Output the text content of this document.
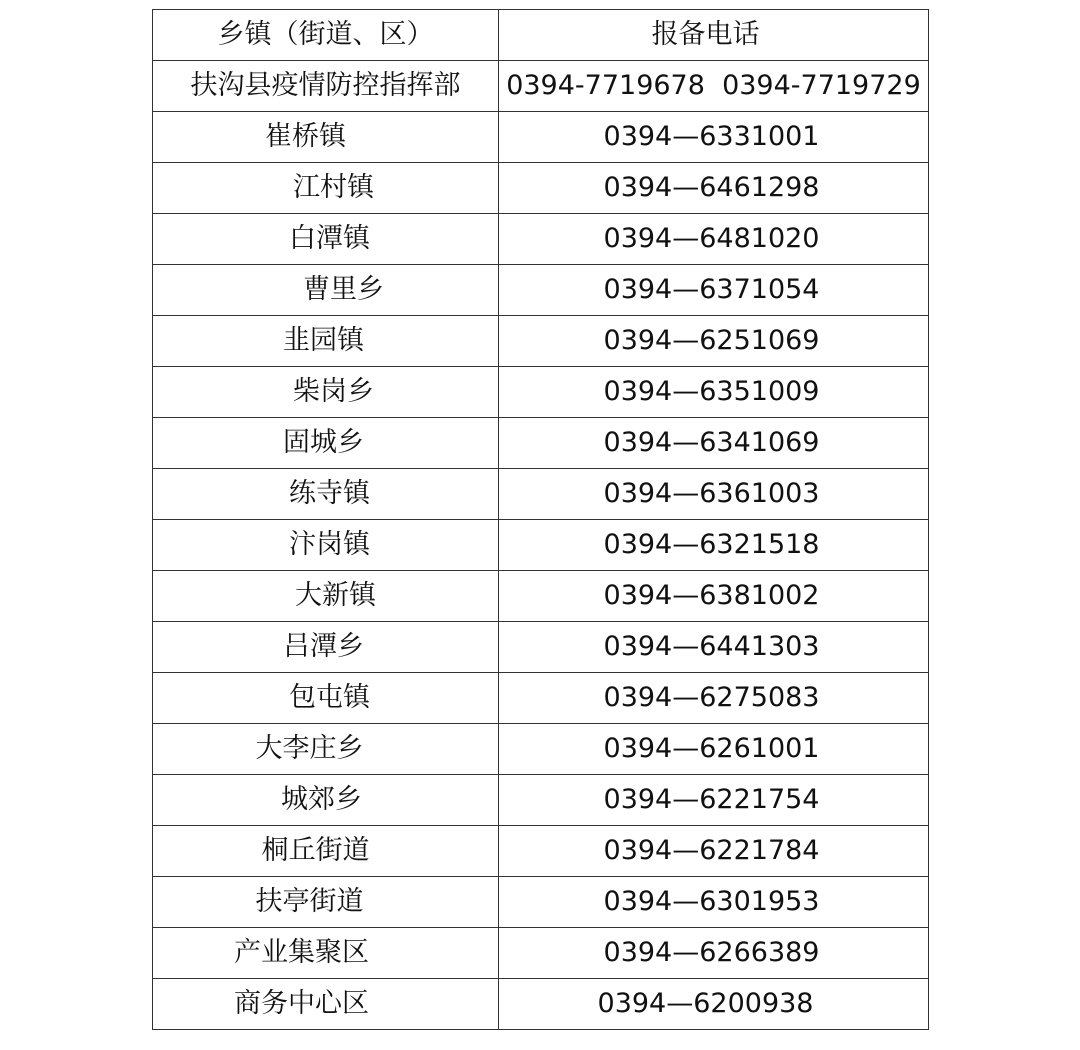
乡镇（街道、区）	报备电话
扶沟县疫情防控指挥部	0394-7719678  0394-7719729
崔桥镇	0394—6331001
江村镇	0394—6461298
白潭镇	0394—6481020
曹里乡	0394—6371054
韭园镇	0394—6251069
柴岗乡	0394—6351009
固城乡	0394—6341069
练寺镇	0394—6361003
汴岗镇	0394—6321518
大新镇	0394—6381002
吕潭乡	0394—6441303
包屯镇	0394—6275083
大李庄乡	0394—6261001
城郊乡	0394—6221754
桐丘街道	0394—6221784
扶亭街道	0394—6301953
产业集聚区	0394—6266389
商务中心区	0394—6200938
